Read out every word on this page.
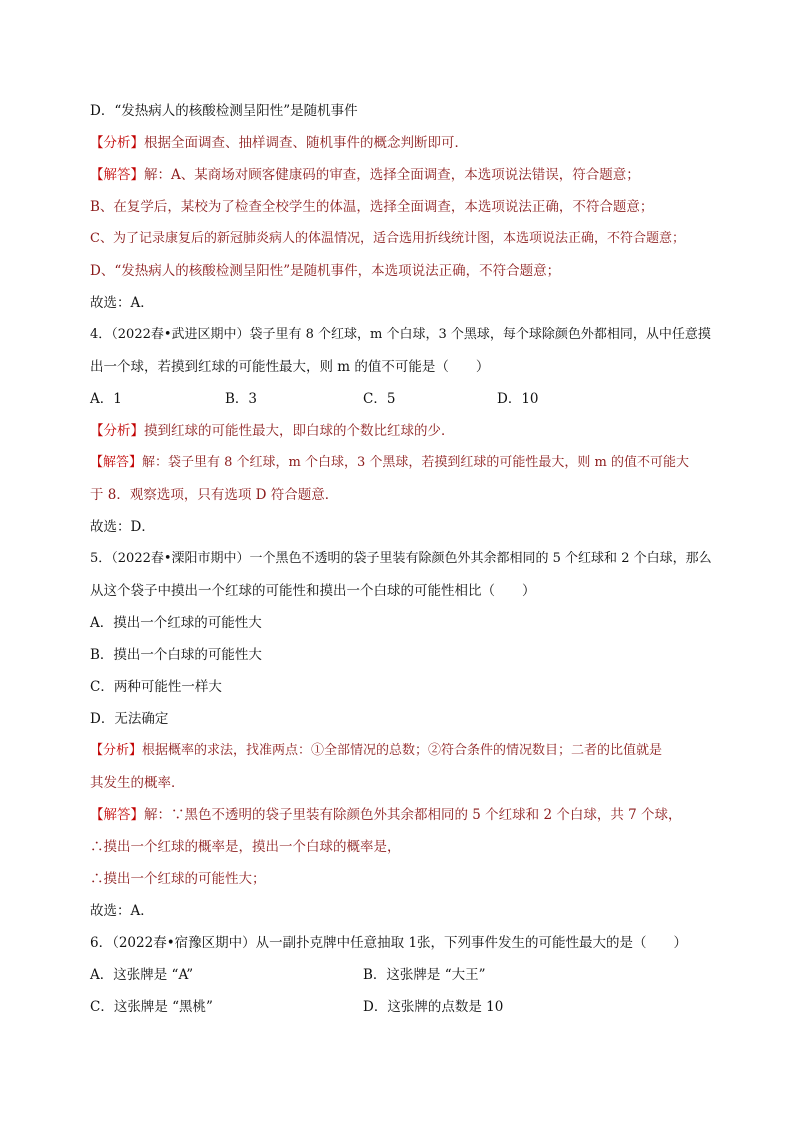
D．“发热病人的核酸检测呈阳性”是随机事件
【分析】根据全面调查、抽样调查、随机事件的概念判断即可．
【解答】解：A、某商场对顾客健康码的审查，选择全面调查，本选项说法错误，符合题意；
B、在复学后，某校为了检查全校学生的体温，选择全面调查，本选项说法正确，不符合题意；
C、为了记录康复后的新冠肺炎病人的体温情况，适合选用折线统计图，本选项说法正确，不符合题意；
D、“发热病人的核酸检测呈阳性”是随机事件，本选项说法正确，不符合题意；
故选：A．
4．（2022春•武进区期中）袋子里有 8 个红球，m 个白球，3 个黑球，每个球除颜色外都相同，从中任意摸
出一个球，若摸到红球的可能性最大，则 m 的值不可能是（　　）
A．1	B．3	C．5	D．10
【分析】摸到红球的可能性最大，即白球的个数比红球的少．
【解答】解：袋子里有 8 个红球，m 个白球，3 个黑球，若摸到红球的可能性最大，则 m 的值不可能大
于 8．观察选项，只有选项 D 符合题意．
故选：D．
5．（2022春•溧阳市期中）一个黑色不透明的袋子里装有除颜色外其余都相同的 5 个红球和 2 个白球，那么
从这个袋子中摸出一个红球的可能性和摸出一个白球的可能性相比（　　）
A．摸出一个红球的可能性大
B．摸出一个白球的可能性大
C．两种可能性一样大
D．无法确定
【分析】根据概率的求法，找准两点：①全部情况的总数；②符合条件的情况数目；二者的比值就是
其发生的概率．
【解答】解：∵黑色不透明的袋子里装有除颜色外其余都相同的 5 个红球和 2 个白球，共 7 个球，
∴摸出一个红球的概率是，摸出一个白球的概率是，
∴摸出一个红球的可能性大；
故选：A．
6．（2022春•宿豫区期中）从一副扑克牌中任意抽取 1张，下列事件发生的可能性最大的是（　　）
A．这张牌是 “A”	B．这张牌是 “大王”
C．这张牌是 “黑桃”	D．这张牌的点数是 10
